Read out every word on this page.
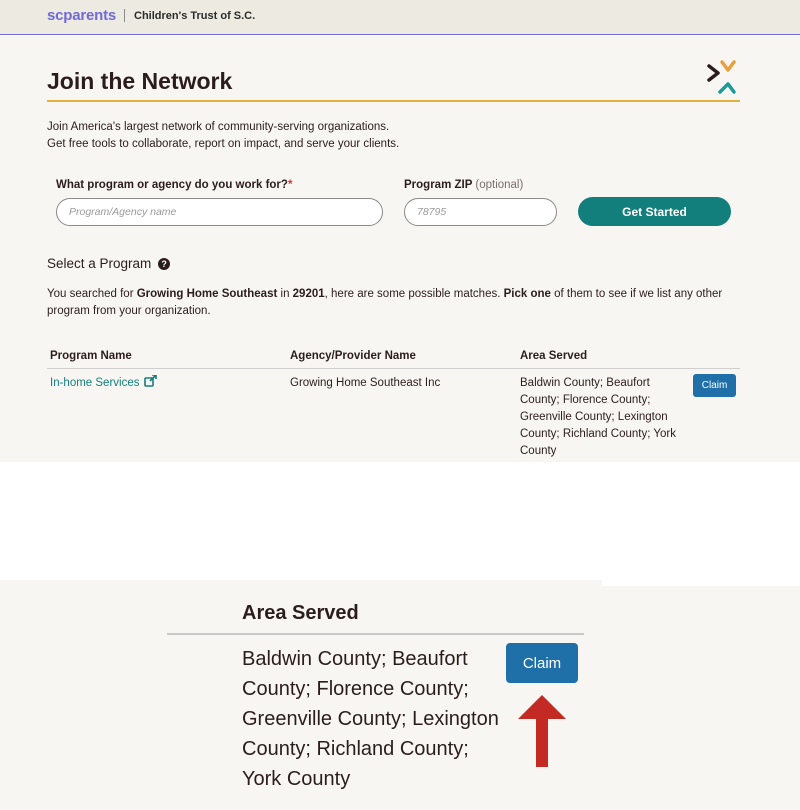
scparents Children's Trust of S.C.
Join the Network

Join America's largest network of community-serving organizations.

Get free tools to collaborate, report on impact, and serve your clients.

What program or agency do you work for?*
Program/Agency name	Program ZIP (optional)
78795
Get Started
Select a Program ?
You searched for Growing Home Southeast in 29201, here are some possible matches. Pick one of them to see if we list any other program from your organization.
Program Name	Agency/Provider Name	Area Served
In-home Services	Growing Home Southeast Inc	Baldwin County; Beaufort County; Florence County; Greenville County; Lexington County; Richland County; York County
Claim
Area Served
Baldwin County; Beaufort County; Florence County; Greenville County; Lexington County; Richland County; York County
Claim
